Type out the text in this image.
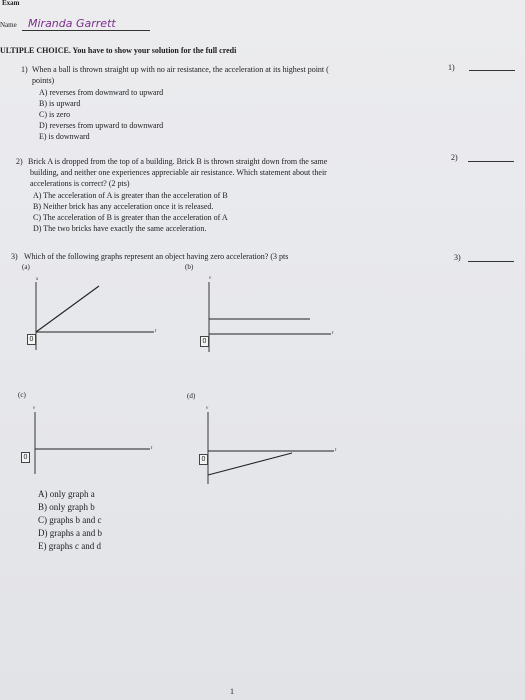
Exam
Name Miranda Garrett
ULTIPLE CHOICE. You have to show your solution for the full credi
1) When a ball is thrown straight up with no air resistance, the acceleration at its highest point (
points)
A) reverses from downward to upward
B) is upward
C) is zero
D) reverses from upward to downward
E) is downward
1)
2) Brick A is dropped from the top of a building. Brick B is thrown straight down from the same
building, and neither one experiences appreciable air resistance. Which statement about their
accelerations is correct? (2 pts)
A) The acceleration of A is greater than the acceleration of B
B) Neither brick has any acceleration once it is released.
C) The acceleration of B is greater than the acceleration of A
D) The two bricks have exactly the same acceleration.
2)
3) Which of the following graphs represent an object having zero acceleration? (3 pts	3)
(a)	(b)
(c)	(d)
x
t
0
v
t
0
v
t
0
v
t
0
A) only graph a
B) only graph b
C) graphs b and c
D) graphs a and b
E) graphs c and d
1
